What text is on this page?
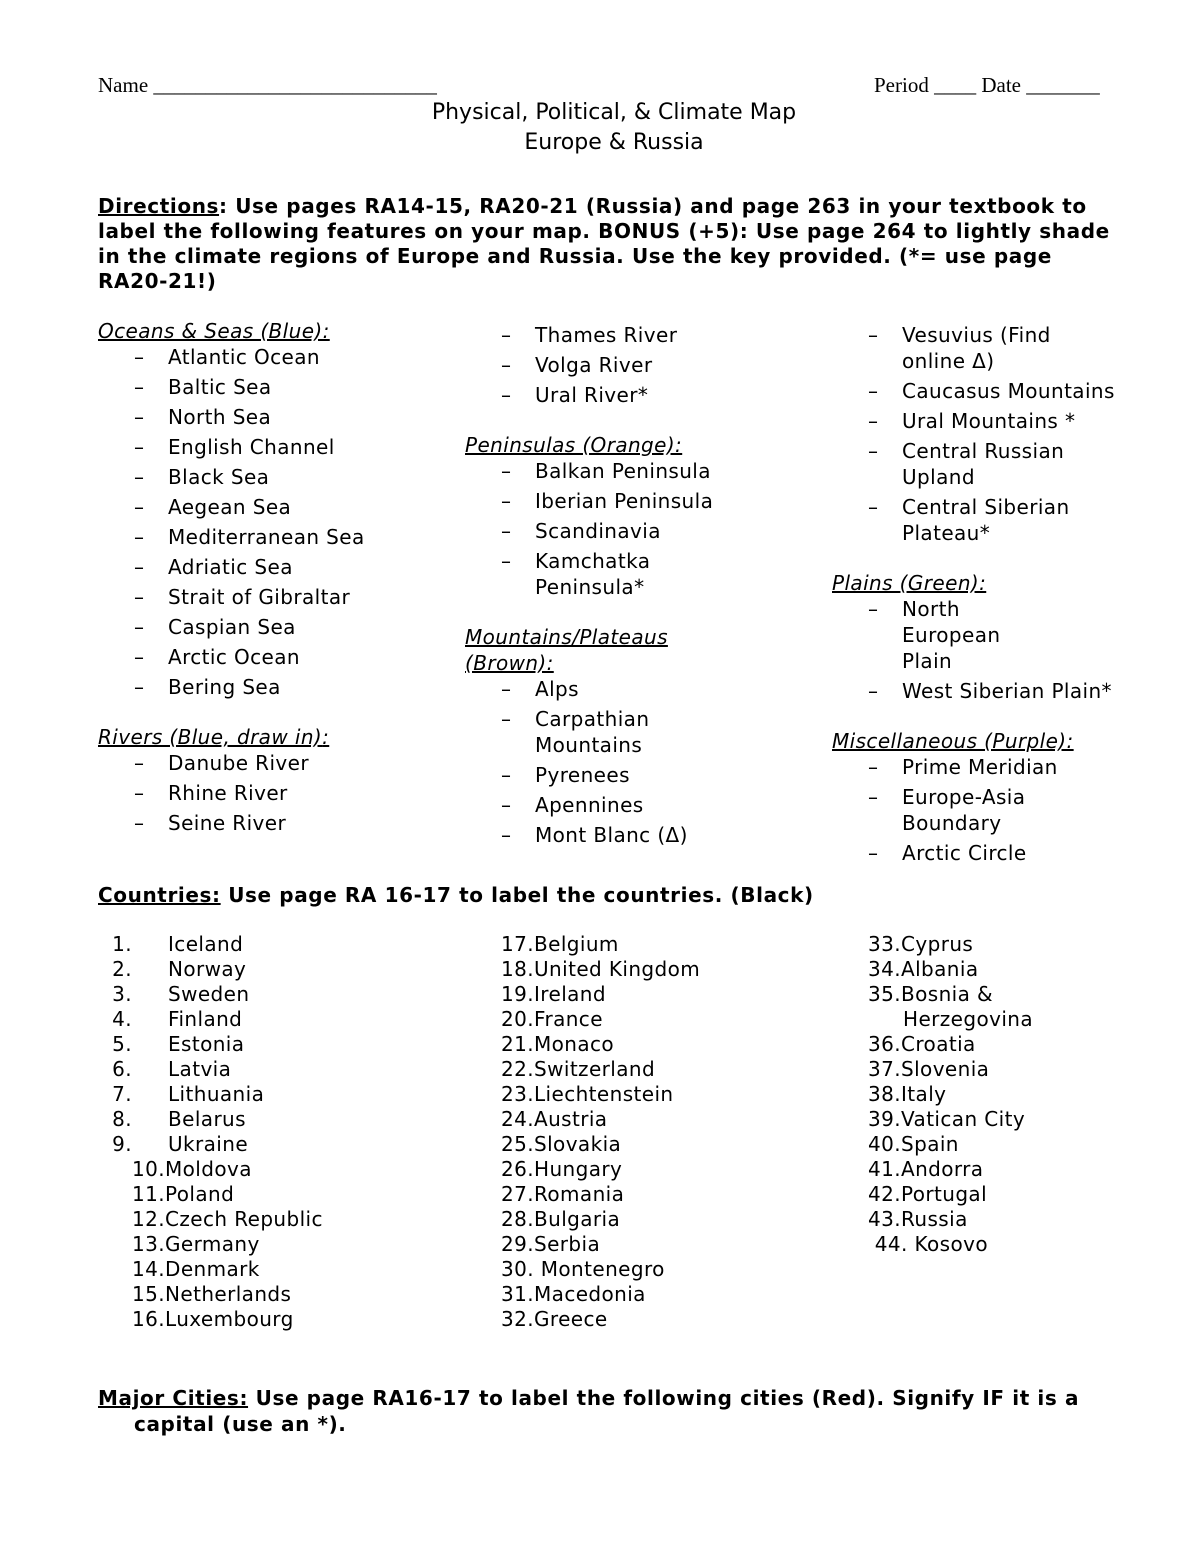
Name ___________________________	Period ____ Date _______
Physical, Political, & Climate Map
Europe & Russia
Directions: Use pages RA14-15, RA20-21 (Russia) and page 263 in your textbook to label the following features on your map. BONUS (+5): Use page 264 to lightly shade in the climate regions of Europe and Russia. Use the key provided. (*= use page RA20-21!)

Oceans & Seas (Blue):

– Atlantic Ocean
– Baltic Sea
– North Sea
– English Channel
– Black Sea
– Aegean Sea
– Mediterranean Sea
– Adriatic Sea
– Strait of Gibraltar
– Caspian Sea
– Arctic Ocean
– Bering Sea

Rivers (Blue, draw in):

– Danube River
– Rhine River
– Seine River
– Thames River
– Volga River
– Ural River*

Peninsulas (Orange):

– Balkan Peninsula
– Iberian Peninsula
– Scandinavia
– Kamchatka Peninsula*

Mountains/Plateaus (Brown):

– Alps
– Carpathian Mountains
– Pyrenees
– Apennines
– Mont Blanc (Δ)
– Vesuvius (Find online Δ)
– Caucasus Mountains
– Ural Mountains *
– Central Russian Upland
– Central Siberian Plateau*

Plains (Green):

– North European Plain
– West Siberian Plain*

Miscellaneous (Purple):

– Prime Meridian
– Europe-Asia Boundary
– Arctic Circle
Countries: Use page RA 16-17 to label the countries. (Black)
1. Iceland
2. Norway
3. Sweden
4. Finland
5. Estonia
6. Latvia
7. Lithuania
8. Belarus
9. Ukraine
10.Moldova
11.Poland
12.Czech Republic
13.Germany
14.Denmark
15.Netherlands
16.Luxembourg
17.Belgium
18.United Kingdom
19.Ireland
20.France
21.Monaco
22.Switzerland
23.Liechtenstein
24.Austria
25.Slovakia
26.Hungary
27.Romania
28.Bulgaria
29.Serbia
30. Montenegro
31.Macedonia
32.Greece
33.Cyprus
34.Albania
35.Bosnia &
Herzegovina
36.Croatia
37.Slovenia
38.Italy
39.Vatican City
40.Spain
41.Andorra
42.Portugal
43.Russia
44. Kosovo
Major Cities: Use page RA16-17 to label the following cities (Red). Signify IF it is a
capital (use an *).
